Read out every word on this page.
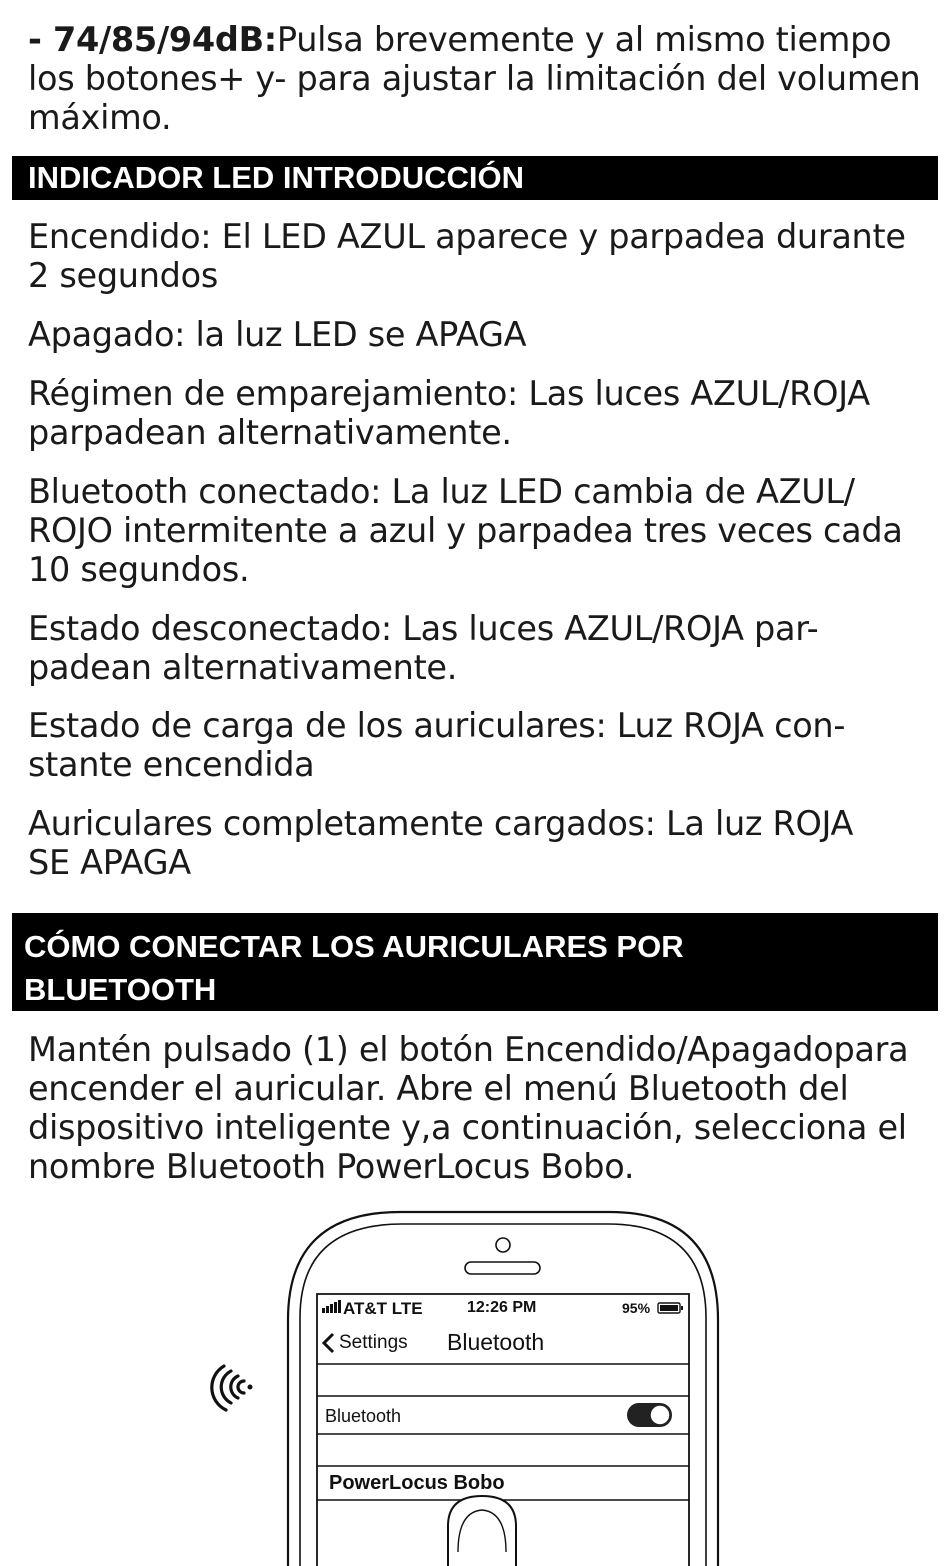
- 74/85/94dB:Pulsa brevemente y al mismo tiempo
los botones+ y- para ajustar la limitación del volumen
máximo.
INDICADOR LED INTRODUCCIÓN
Encendido: El LED AZUL aparece y parpadea durante
2 segundos
Apagado: la luz LED se APAGA
Régimen de emparejamiento: Las luces AZUL/ROJA
parpadean alternativamente.
Bluetooth conectado: La luz LED cambia de AZUL/
ROJO intermitente a azul y parpadea tres veces cada
10 segundos.
Estado desconectado: Las luces AZUL/ROJA par-
padean alternativamente.
Estado de carga de los auriculares: Luz ROJA con-
stante encendida
Auriculares completamente cargados: La luz ROJA
SE APAGA
CÓMO CONECTAR LOS AURICULARES POR
BLUETOOTH
Mantén pulsado (1) el botón Encendido/Apagadopara
encender el auricular. Abre el menú Bluetooth del
dispositivo inteligente y,a continuación, selecciona el
nombre Bluetooth PowerLocus Bobo.
AT&T LTE	12:26 PM	95%
Settings Bluetooth
Bluetooth
PowerLocus Bobo
